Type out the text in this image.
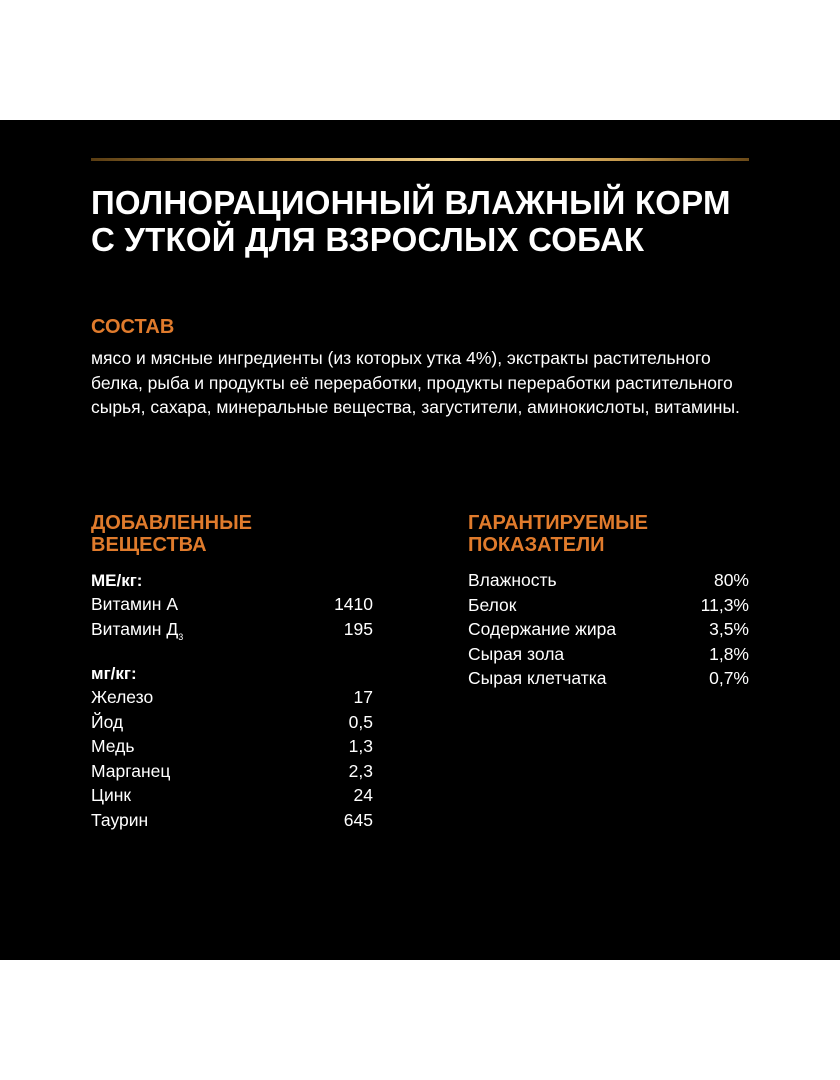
ПОЛНОРАЦИОННЫЙ ВЛАЖНЫЙ КОРМ
С УТКОЙ ДЛЯ ВЗРОСЛЫХ СОБАК
СОСТАВ

мясо и мясные ингредиенты (из которых утка 4%), экстракты растительного белка, рыба и продукты её переработки, продукты переработки растительного сырья, сахара, минеральные вещества, загустители, аминокислоты, витамины.

ДОБАВЛЕННЫЕ
ВЕЩЕСТВА
ГАРАНТИРУЕМЫЕ
ПОКАЗАТЕЛИ
МЕ/кг:
Витамин А	1410
Витамин $Д_3$	195
мг/кг:
Железо	17
Йод	0,5
Медь	1,3
Марганец	2,3
Цинк	24
Таурин	645
Влажность	80%
Белок	11,3%
Содержание жира	3,5%
Сырая зола	1,8%
Сырая клетчатка	0,7%
